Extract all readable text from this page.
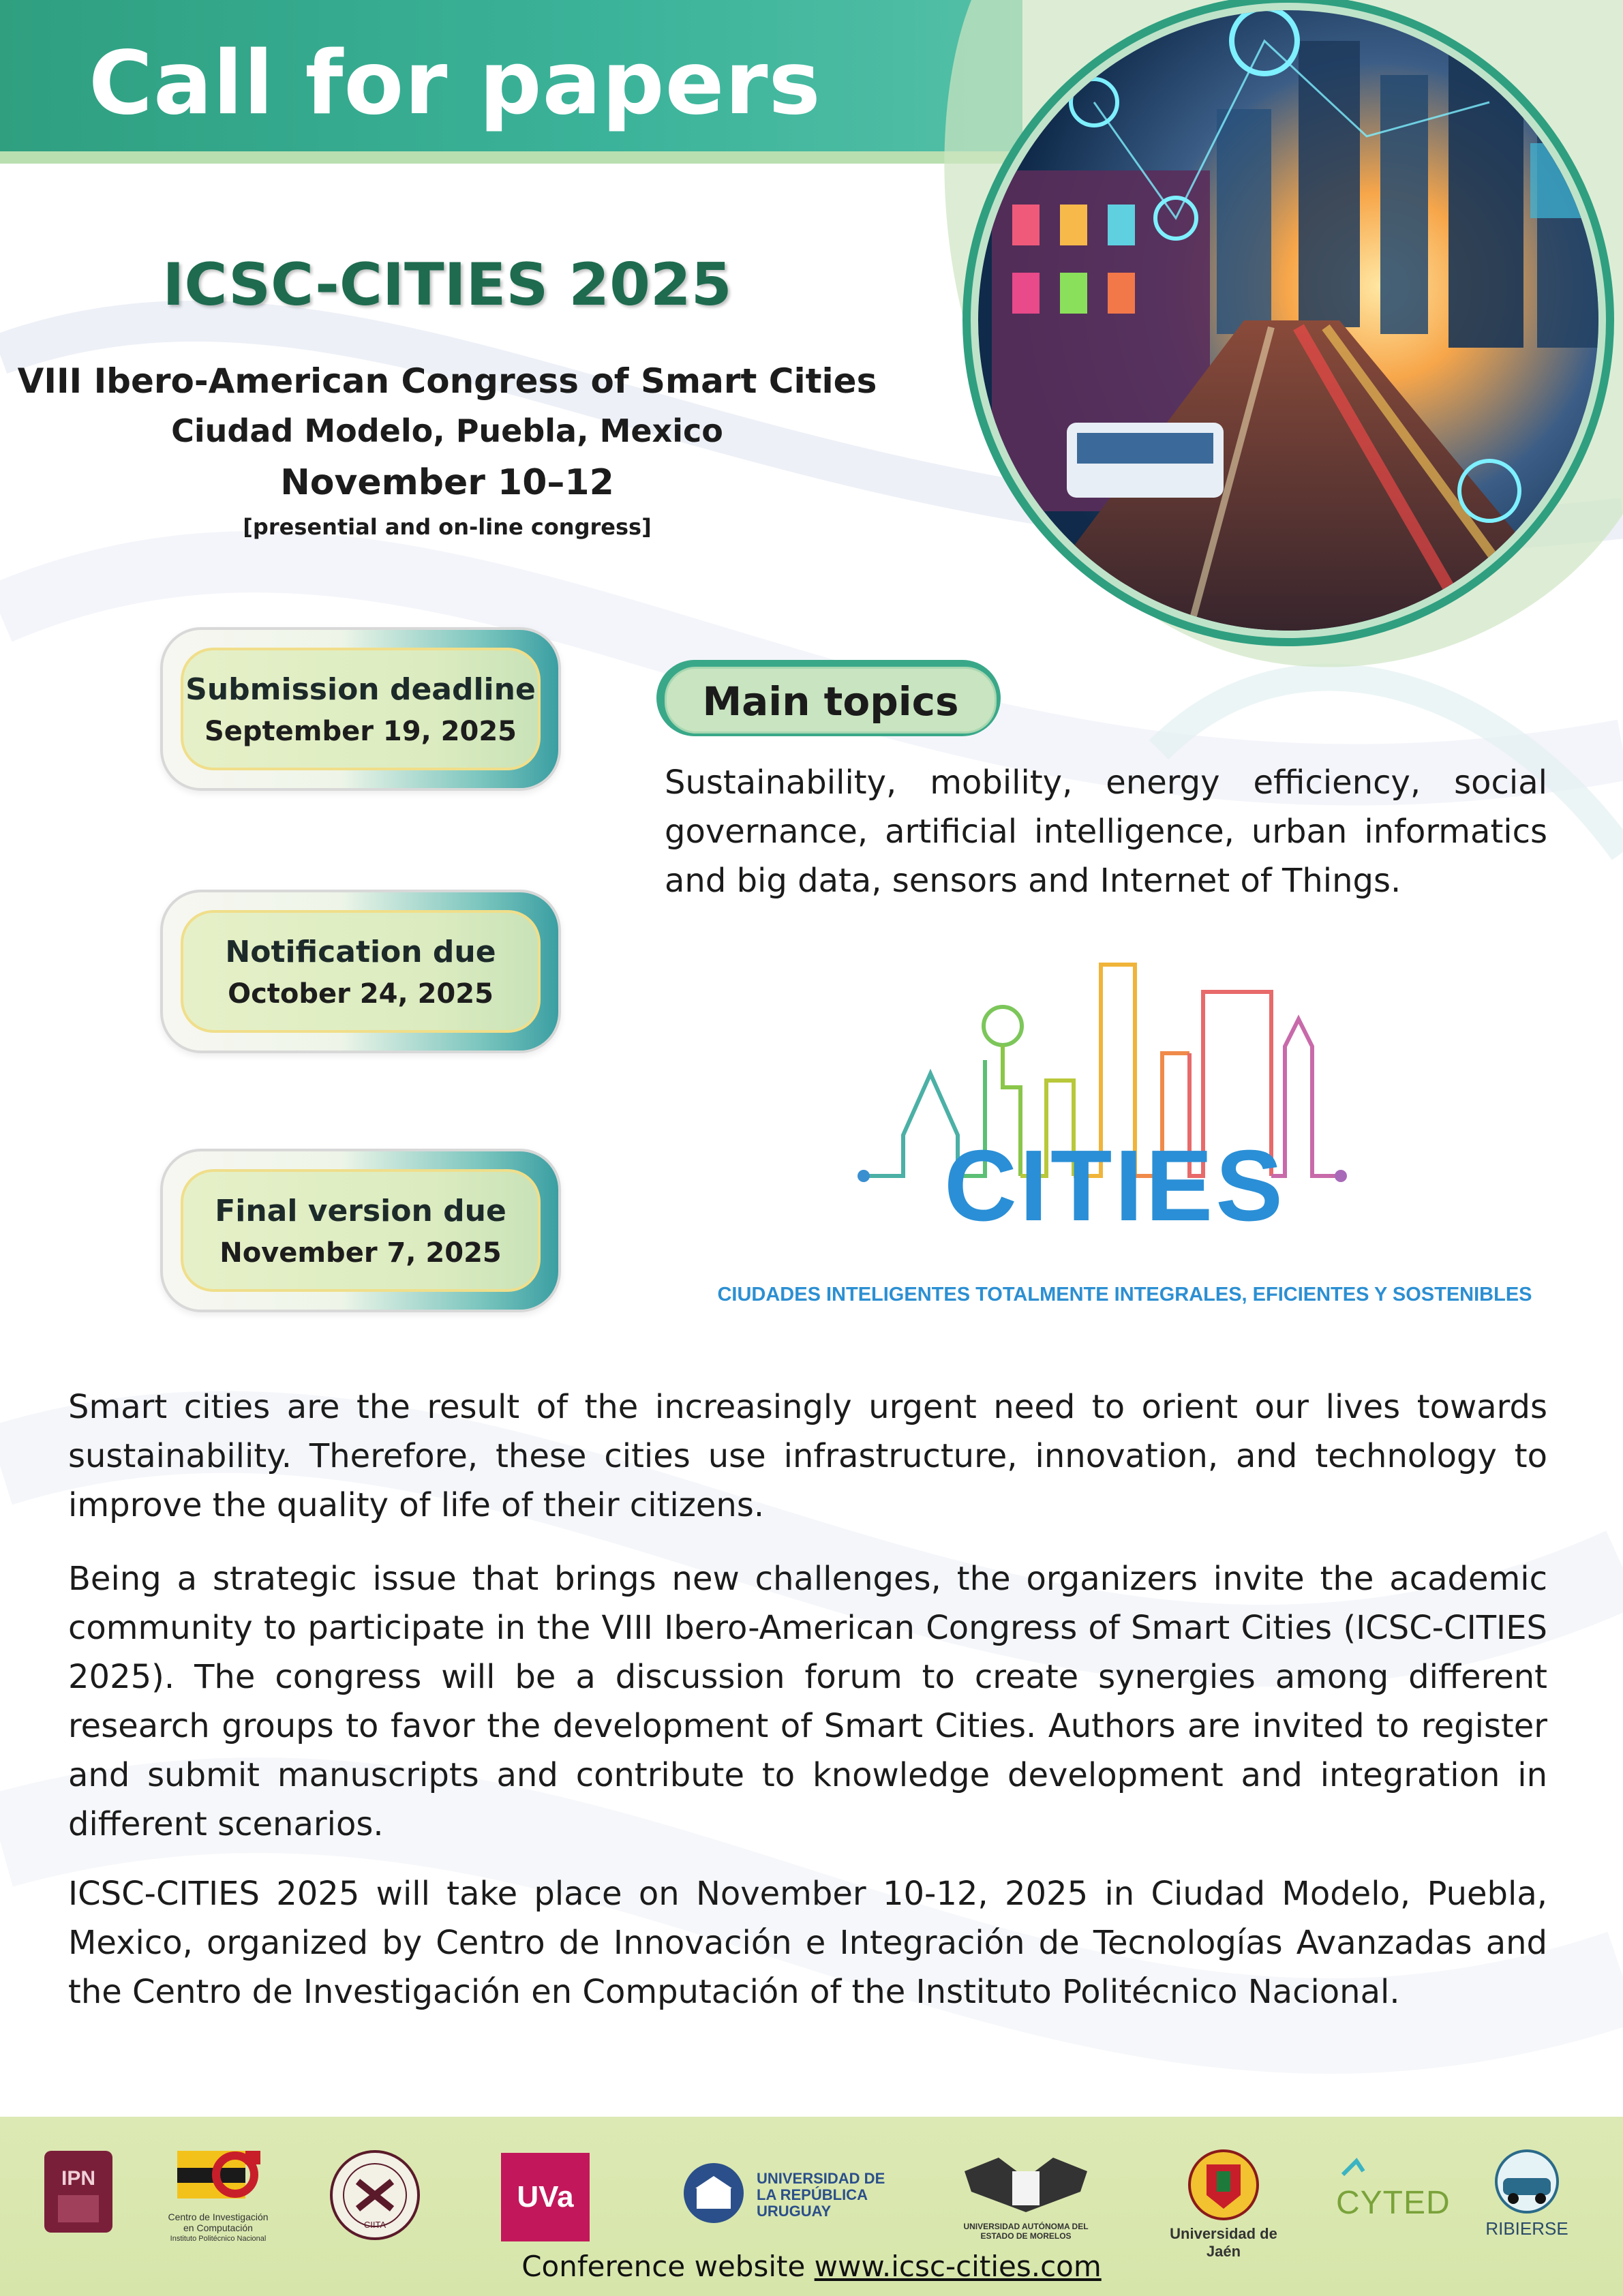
Call for papers
ICSC-CITIES 2025
VIII Ibero-American Congress of Smart Cities
Ciudad Modelo, Puebla, Mexico
November 10–12
[presential and on-line congress]
Submission deadline
September 19, 2025
Notification due
October 24, 2025
Final version due
November 7, 2025
Main topics
Sustainability, mobility, energy efficiency, social governance, artificial intelligence, urban informatics and big data, sensors and Internet of Things.
CITIES
CIUDADES INTELIGENTES TOTALMENTE INTEGRALES, EFICIENTES Y SOSTENIBLES
Smart cities are the result of the increasingly urgent need to orient our lives towards sustainability. Therefore, these cities use infrastructure, innovation, and technology to improve the quality of life of their citizens.
Being a strategic issue that brings new challenges, the organizers invite the academic community to participate in the VIII Ibero-American Congress of Smart Cities (ICSC-CITIES 2025). The congress will be a discussion forum to create synergies among different research groups to favor the development of Smart Cities. Authors are invited to register and submit manuscripts and contribute to knowledge development and integration in different scenarios.
ICSC-CITIES 2025 will take place on November 10-12, 2025 in Ciudad Modelo, Puebla, Mexico, organized by Centro de Innovación e Integración de Tecnologías Avanzadas and the Centro de Investigación en Computación of the Instituto Politécnico Nacional.
IPN
Centro de Investigación
en Computación
Instituto Politécnico Nacional
CIITA
UVa
UNIVERSIDAD DE LA REPÚBLICA URUGUAY
UNIVERSIDAD AUTÓNOMA DEL ESTADO DE MORELOS	Universidad de Jaén
CYTED
RIBIERSE
Conference website www.icsc-cities.com
